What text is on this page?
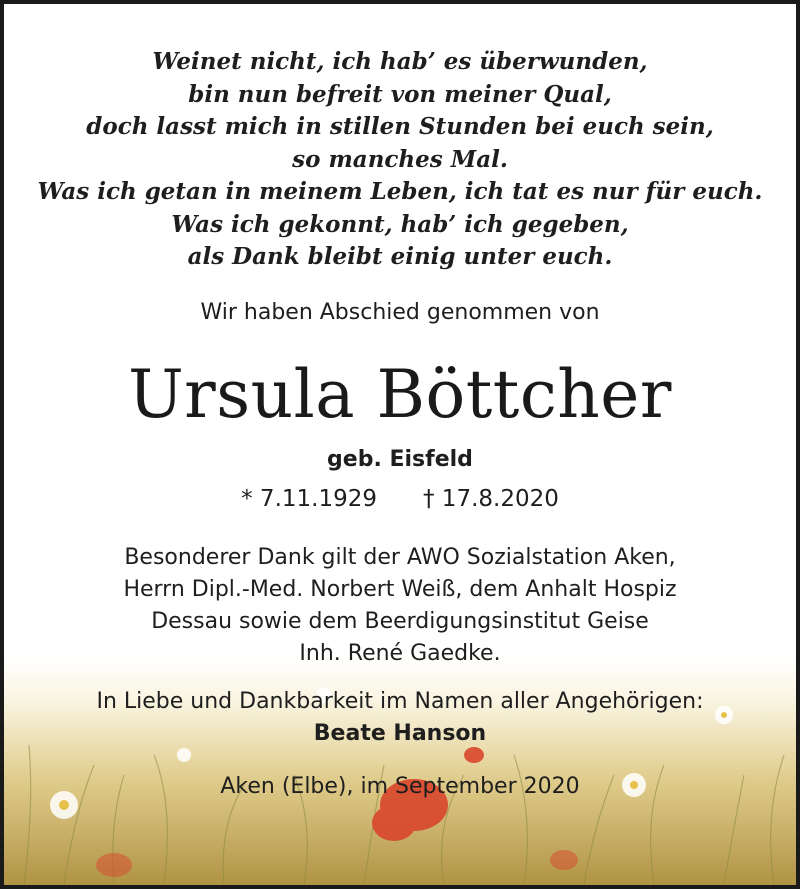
Weinet nicht, ich hab’ es überwunden,
bin nun befreit von meiner Qual,
doch lasst mich in stillen Stunden bei euch sein,
so manches Mal.
Was ich getan in meinem Leben, ich tat es nur für euch.
Was ich gekonnt, hab’ ich gegeben,
als Dank bleibt einig unter euch.
Wir haben Abschied genommen von
Ursula Böttcher
geb. Eisfeld
* 7.11.1929 † 17.8.2020
Besonderer Dank gilt der AWO Sozialstation Aken,
Herrn Dipl.-Med. Norbert Weiß, dem Anhalt Hospiz
Dessau sowie dem Beerdigungsinstitut Geise
Inh. René Gaedke.
In Liebe und Dankbarkeit im Namen aller Angehörigen:
Beate Hanson
Aken (Elbe), im September 2020
